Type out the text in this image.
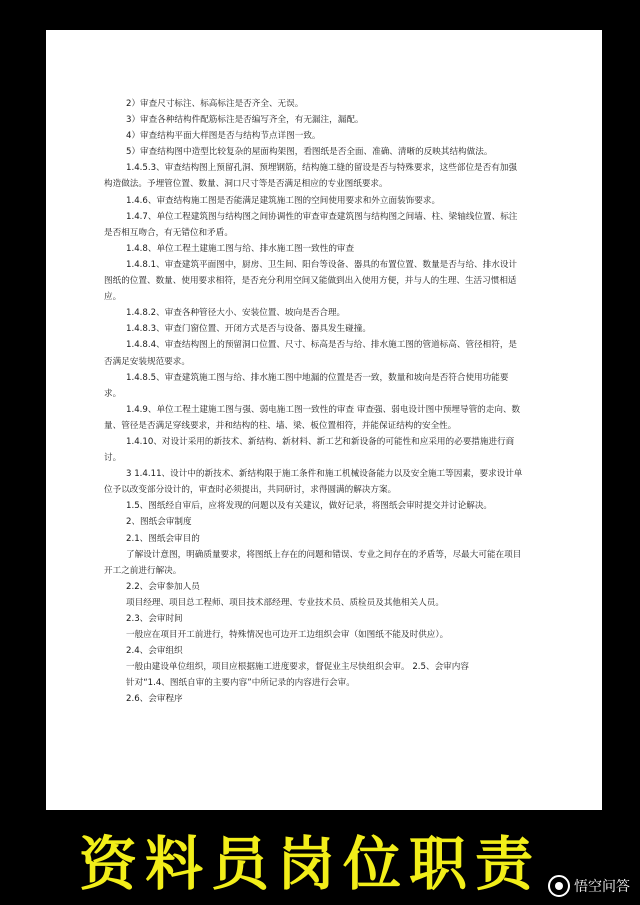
2）审查尺寸标注、标高标注是否齐全、无误。

3）审查各种结构件配筋标注是否编写齐全，有无漏注，漏配。

4）审查结构平面大样图是否与结构节点详图一致。

5）审查结构图中造型比较复杂的屋面构架图，看图纸是否全面、准确、清晰的反映其结构做法。

1.4.5.3、审查结构图上预留孔洞、预埋钢筋，结构施工缝的留设是否与特殊要求，这些部位是否有加强构造做法。予埋管位置、数量、洞口尺寸等是否满足相应的专业图纸要求。

1.4.6、审查结构施工图是否能满足建筑施工图的空间使用要求和外立面装饰要求。

1.4.7、单位工程建筑图与结构图之间协调性的审查审查建筑图与结构图之间墙、柱、梁轴线位置、标注是否相互吻合，有无错位和矛盾。

1.4.8、单位工程土建施工图与给、排水施工图一致性的审查

1.4.8.1、审查建筑平面图中，厨房、卫生间、阳台等设备、器具的布置位置、数量是否与给、排水设计图纸的位置、数量、使用要求相符，是否充分利用空间又能做到出入使用方便，并与人的生理、生活习惯相适应。

1.4.8.2、审查各种管径大小、安装位置、坡向是否合理。

1.4.8.3、审查门窗位置、开闭方式是否与设备、器具发生碰撞。

1.4.8.4、审查结构图上的预留洞口位置、尺寸、标高是否与给、排水施工图的管道标高、管径相符，是否满足安装规范要求。

1.4.8.5、审查建筑施工图与给、排水施工图中地漏的位置是否一致，数量和坡向是否符合使用功能要求。

1.4.9、单位工程土建施工图与强、弱电施工图一致性的审查 审查强、弱电设计图中预埋导管的走向、数量、管径是否满足穿线要求，并和结构的柱、墙、梁、板位置相符，并能保证结构的安全性。

1.4.10、对设计采用的新技术、新结构、新材料、新工艺和新设备的可能性和应采用的必要措施进行商讨。

3 1.4.11、设计中的新技术、新结构限于施工条件和施工机械设备能力以及安全施工等因素，要求设计单位予以改变部分设计的，审查时必须提出，共同研讨，求得圆满的解决方案。

1.5、图纸经自审后，应将发现的问题以及有关建议，做好记录，将图纸会审时提交并讨论解决。

2、图纸会审制度

2.1、图纸会审目的

了解设计意图，明确质量要求，将图纸上存在的问题和错误、专业之间存在的矛盾等，尽最大可能在项目开工之前进行解决。

2.2、会审参加人员

项目经理、项目总工程师、项目技术部经理、专业技术员、质检员及其他相关人员。

2.3、会审时间

一般应在项目开工前进行，特殊情况也可边开工边组织会审（如图纸不能及时供应）。

2.4、会审组织

一般由建设单位组织，项目应根据施工进度要求，督促业主尽快组织会审。 2.5、会审内容

针对“1.4、图纸自审的主要内容”中所记录的内容进行会审。

2.6、会审程序

资料员岗位职责 悟空问答
